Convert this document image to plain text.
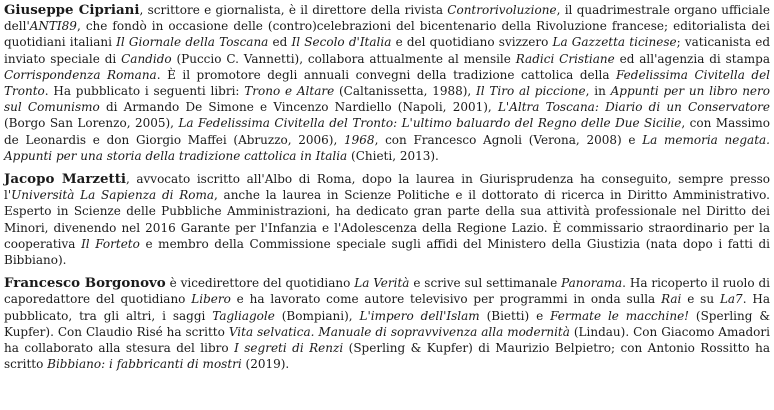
Giuseppe Cipriani, scrittore e giornalista, è il direttore della rivista Controrivoluzione, il quadrimestrale organo ufficiale dell'ANTI89, che fondò in occasione delle (contro)celebrazioni del bicentenario della Rivoluzione francese; editorialista dei quotidiani italiani Il Giornale della Toscana ed Il Secolo d'Italia e del quotidiano svizzero La Gazzetta ticinese; vaticanista ed inviato speciale di Candido (Puccio C. Vannetti), collabora attualmente al mensile Radici Cristiane ed all'agenzia di stampa Corrispondenza Romana. È il promotore degli annuali convegni della tradizione cattolica della Fedelissima Civitella del Tronto. Ha pubblicato i seguenti libri: Trono e Altare (Caltanissetta, 1988), Il Tiro al piccione, in Appunti per un libro nero sul Comunismo di Armando De Simone e Vincenzo Nardiello (Napoli, 2001), L'Altra Toscana: Diario di un Conservatore (Borgo San Lorenzo, 2005), La Fedelissima Civitella del Tronto: L'ultimo baluardo del Regno delle Due Sicilie, con Massimo de Leonardis e don Giorgio Maffei (Abruzzo, 2006), 1968, con Francesco Agnoli (Verona, 2008) e La memoria negata. Appunti per una storia della tradizione cattolica in Italia (Chieti, 2013).

Jacopo Marzetti, avvocato iscritto all'Albo di Roma, dopo la laurea in Giurisprudenza ha conseguito, sempre presso l'Università La Sapienza di Roma, anche la laurea in Scienze Politiche e il dottorato di ricerca in Diritto Amministrativo. Esperto in Scienze delle Pubbliche Amministrazioni, ha dedicato gran parte della sua attività professionale nel Diritto dei Minori, divenendo nel 2016 Garante per l'Infanzia e l'Adolescenza della Regione Lazio. È commissario straordinario per la cooperativa Il Forteto e membro della Commissione speciale sugli affidi del Ministero della Giustizia (nata dopo i fatti di Bibbiano).

Francesco Borgonovo è vicedirettore del quotidiano La Verità e scrive sul settimanale Panorama. Ha ricoperto il ruolo di caporedattore del quotidiano Libero e ha lavorato come autore televisivo per programmi in onda sulla Rai e su La7. Ha pubblicato, tra gli altri, i saggi Tagliagole (Bompiani), L'impero dell'Islam (Bietti) e Fermate le macchine! (Sperling & Kupfer). Con Claudio Risé ha scritto Vita selvatica. Manuale di sopravvivenza alla modernità (Lindau). Con Giacomo Amadori ha collaborato alla stesura del libro I segreti di Renzi (Sperling & Kupfer) di Maurizio Belpietro; con Antonio Rossitto ha scritto Bibbiano: i fabbricanti di mostri (2019).
